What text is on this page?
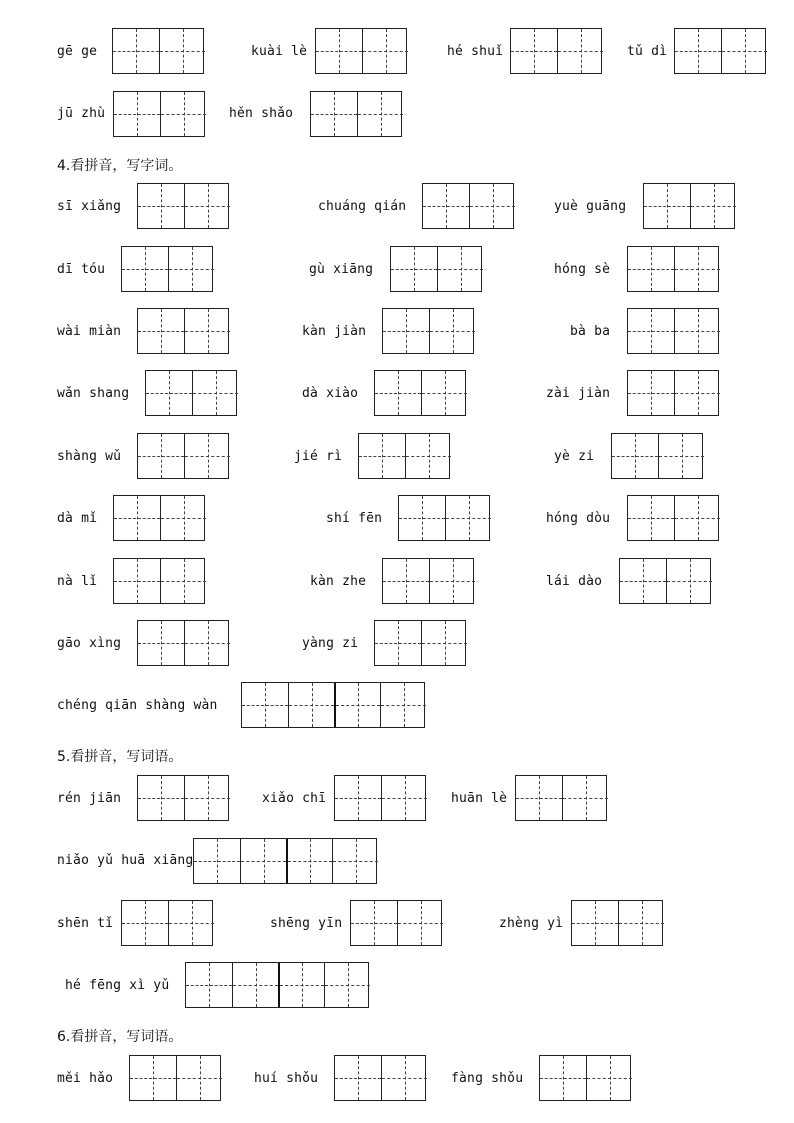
gē ge	kuài lè	hé shuǐ	tǔ dì
jū zhù	hěn shǎo
4.看拼音，写字词。
sī xiǎng	chuáng qián	yuè guāng
dī tóu	gù xiāng	hóng sè
wài miàn	kàn jiàn	bà ba
wǎn shang	dà xiào	zài jiàn
shàng wǔ	jié rì	yè zi
dà mǐ	shí fēn	hóng dòu
nà lǐ	kàn zhe	lái dào
gāo xìng	yàng zi
chéng qiān shàng wàn
5.看拼音，写词语。
rén jiān	xiǎo chī	huān lè
niǎo yǔ huā xiāng
shēn tǐ	shēng yīn	zhèng yì
hé fēng xì yǔ
6.看拼音，写词语。
měi hǎo	huí shǒu	fàng shǒu
